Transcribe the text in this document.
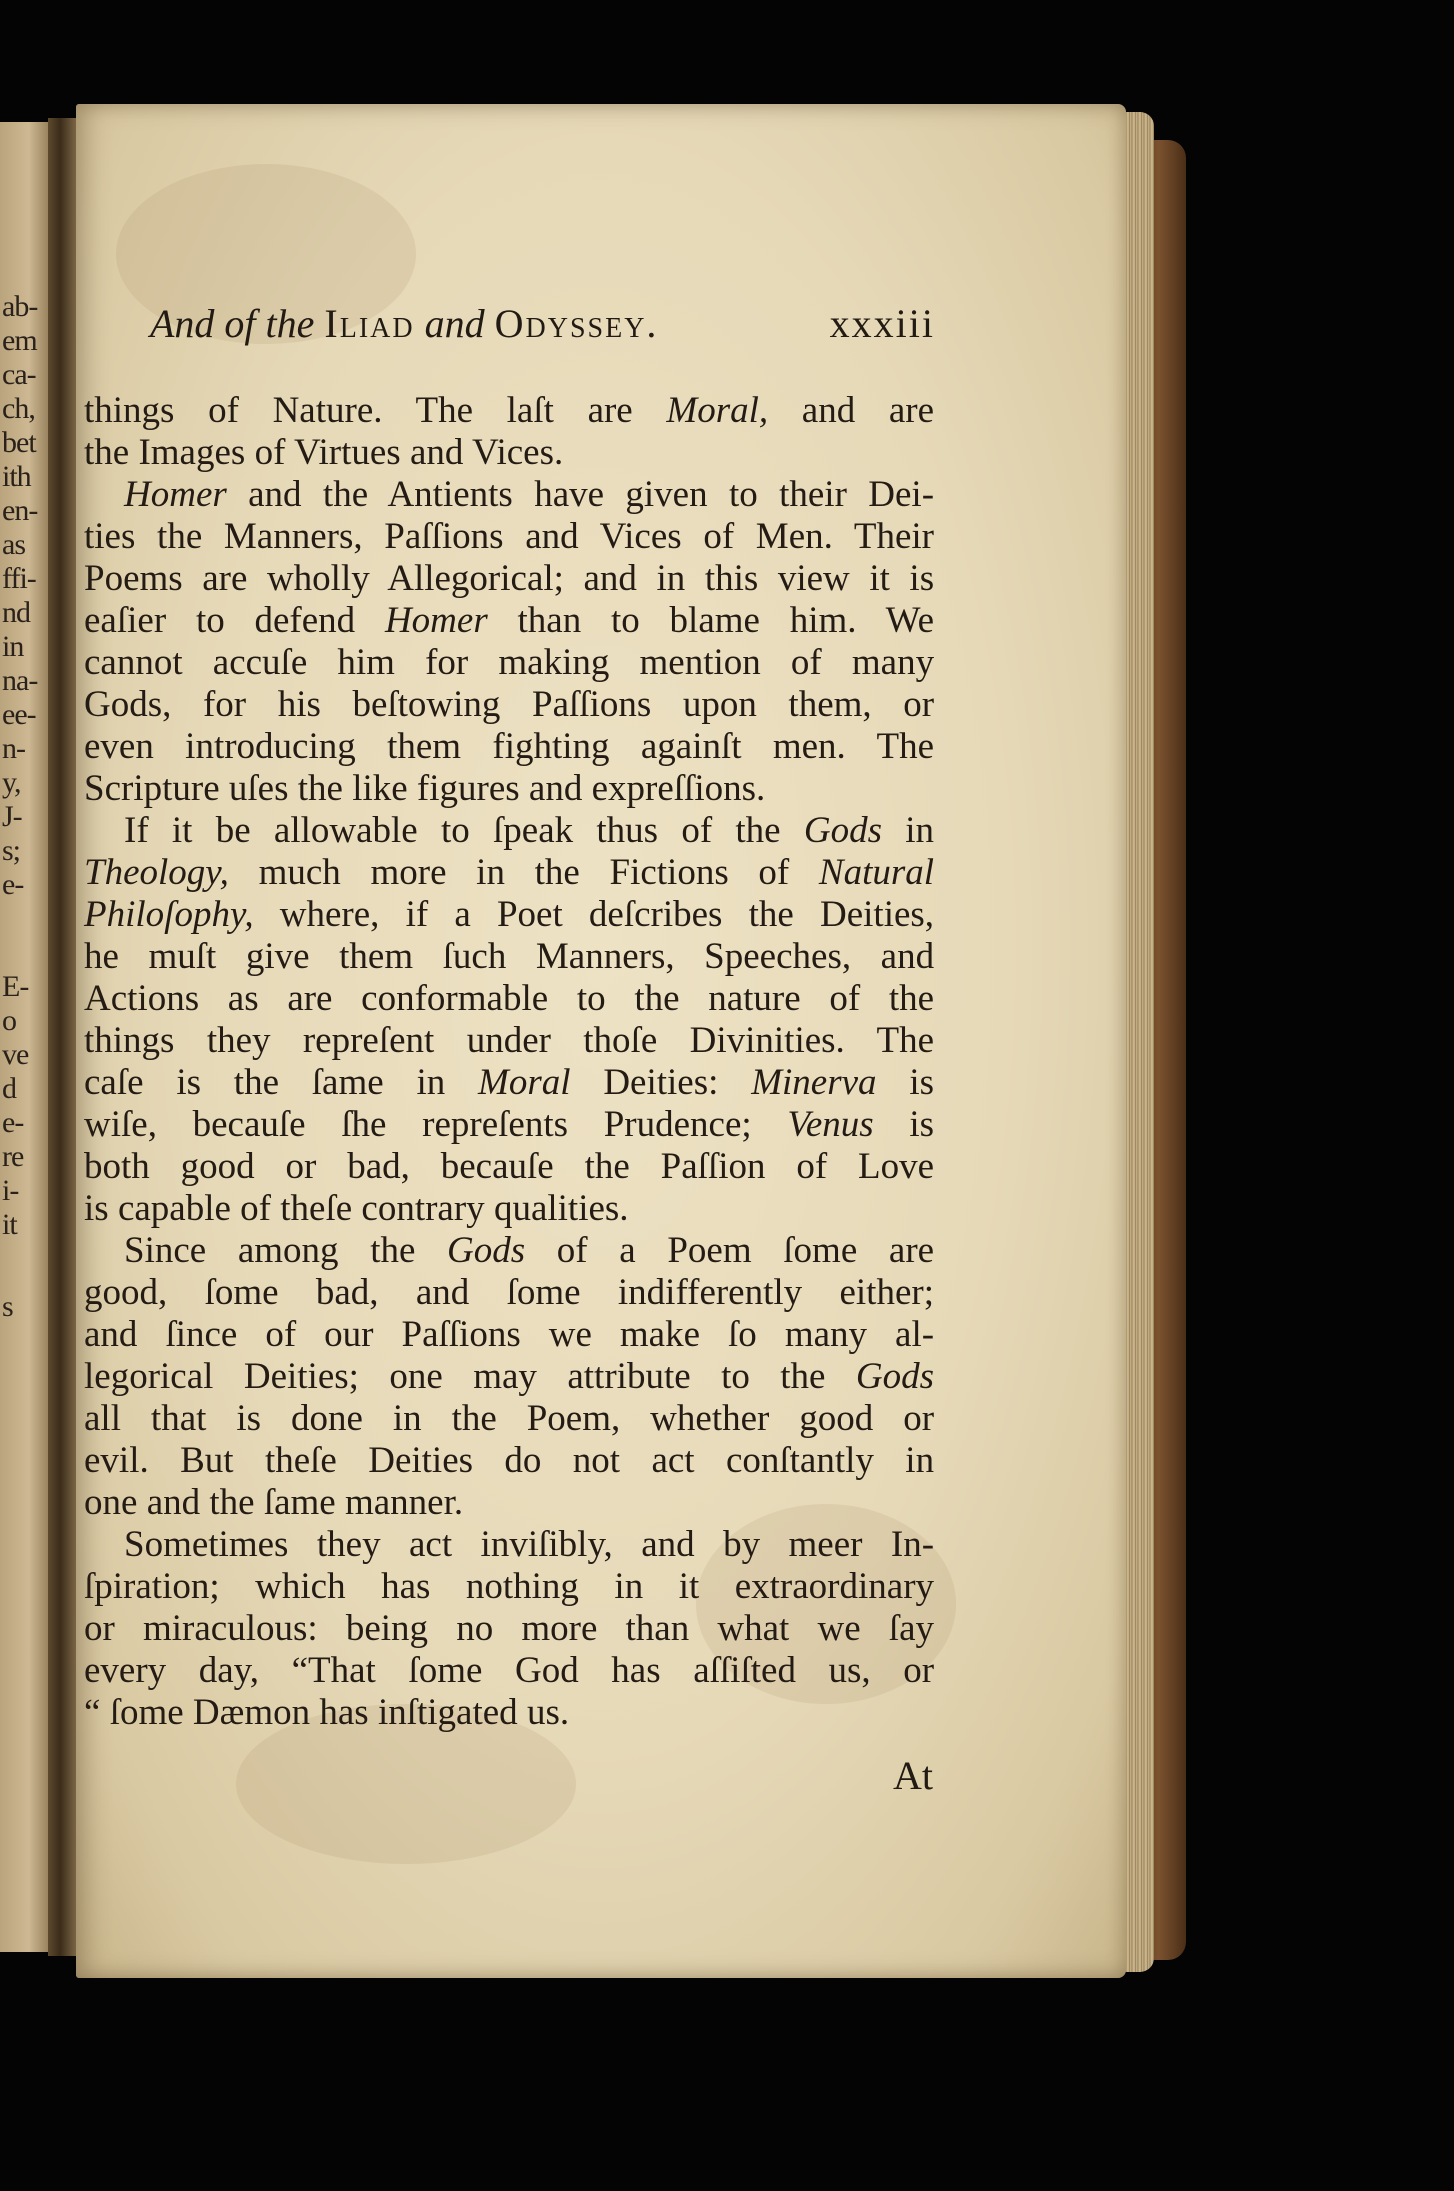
ab-
em
ca-
ch,
bet
ith
en-
as
ffi-
nd
in
na-
ee-
n-
y,
J-
s;
e-
E-
o
ve
d
e-
re
i-
it
s
And of the Iliad and Odyssey.	xxxiii
things of Nature. The laſt are Moral, and are
the Images of Virtues and Vices.
Homer and the Antients have given to their Dei-
ties the Manners, Paſſions and Vices of Men. Their
Poems are wholly Allegorical; and in this view it is
eaſier to defend Homer than to blame him. We
cannot accuſe him for making mention of many
Gods, for his beſtowing Paſſions upon them, or
even introducing them fighting againſt men. The
Scripture uſes the like figures and expreſſions.
If it be allowable to ſpeak thus of the Gods in
Theology, much more in the Fictions of Natural
Philoſophy, where, if a Poet deſcribes the Deities,
he muſt give them ſuch Manners, Speeches, and
Actions as are conformable to the nature of the
things they repreſent under thoſe Divinities. The
caſe is the ſame in Moral Deities: Minerva is
wiſe, becauſe ſhe repreſents Prudence; Venus is
both good or bad, becauſe the Paſſion of Love
is capable of theſe contrary qualities.
Since among the Gods of a Poem ſome are
good, ſome bad, and ſome indifferently either;
and ſince of our Paſſions we make ſo many al-
legorical Deities; one may attribute to the Gods
all that is done in the Poem, whether good or
evil. But theſe Deities do not act conſtantly in
one and the ſame manner.
Sometimes they act inviſibly, and by meer In-
ſpiration; which has nothing in it extraordinary
or miraculous: being no more than what we ſay
every day, “That ſome God has aſſiſted us, or
“ ſome Dæmon has inſtigated us.
At
